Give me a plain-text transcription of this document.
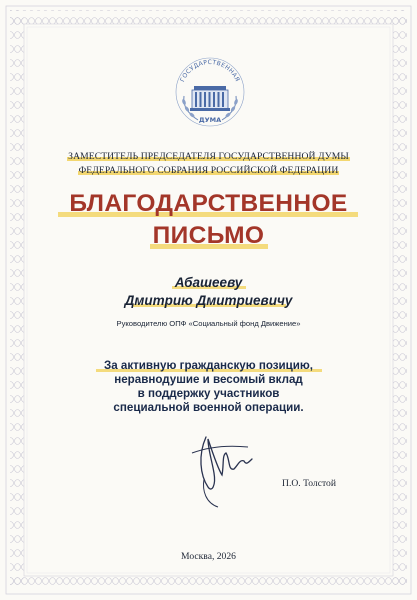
ГОСУДАРСТВЕННАЯ
ДУМА
ЗАМЕСТИТЕЛЬ ПРЕДСЕДАТЕЛЯ ГОСУДАРСТВЕННОЙ ДУМЫ
ФЕДЕРАЛЬНОГО СОБРАНИЯ РОССИЙСКОЙ ФЕДЕРАЦИИ
БЛАГОДАРСТВЕННОЕ
ПИСЬМО
Абашееву
Дмитрию Дмитриевичу
Руководителю ОПФ «Социальный фонд Движение»
За активную гражданскую позицию,
неравнодушие и весомый вклад
в поддержку участников
специальной военной операции.
П.О. Толстой
Москва, 2026
